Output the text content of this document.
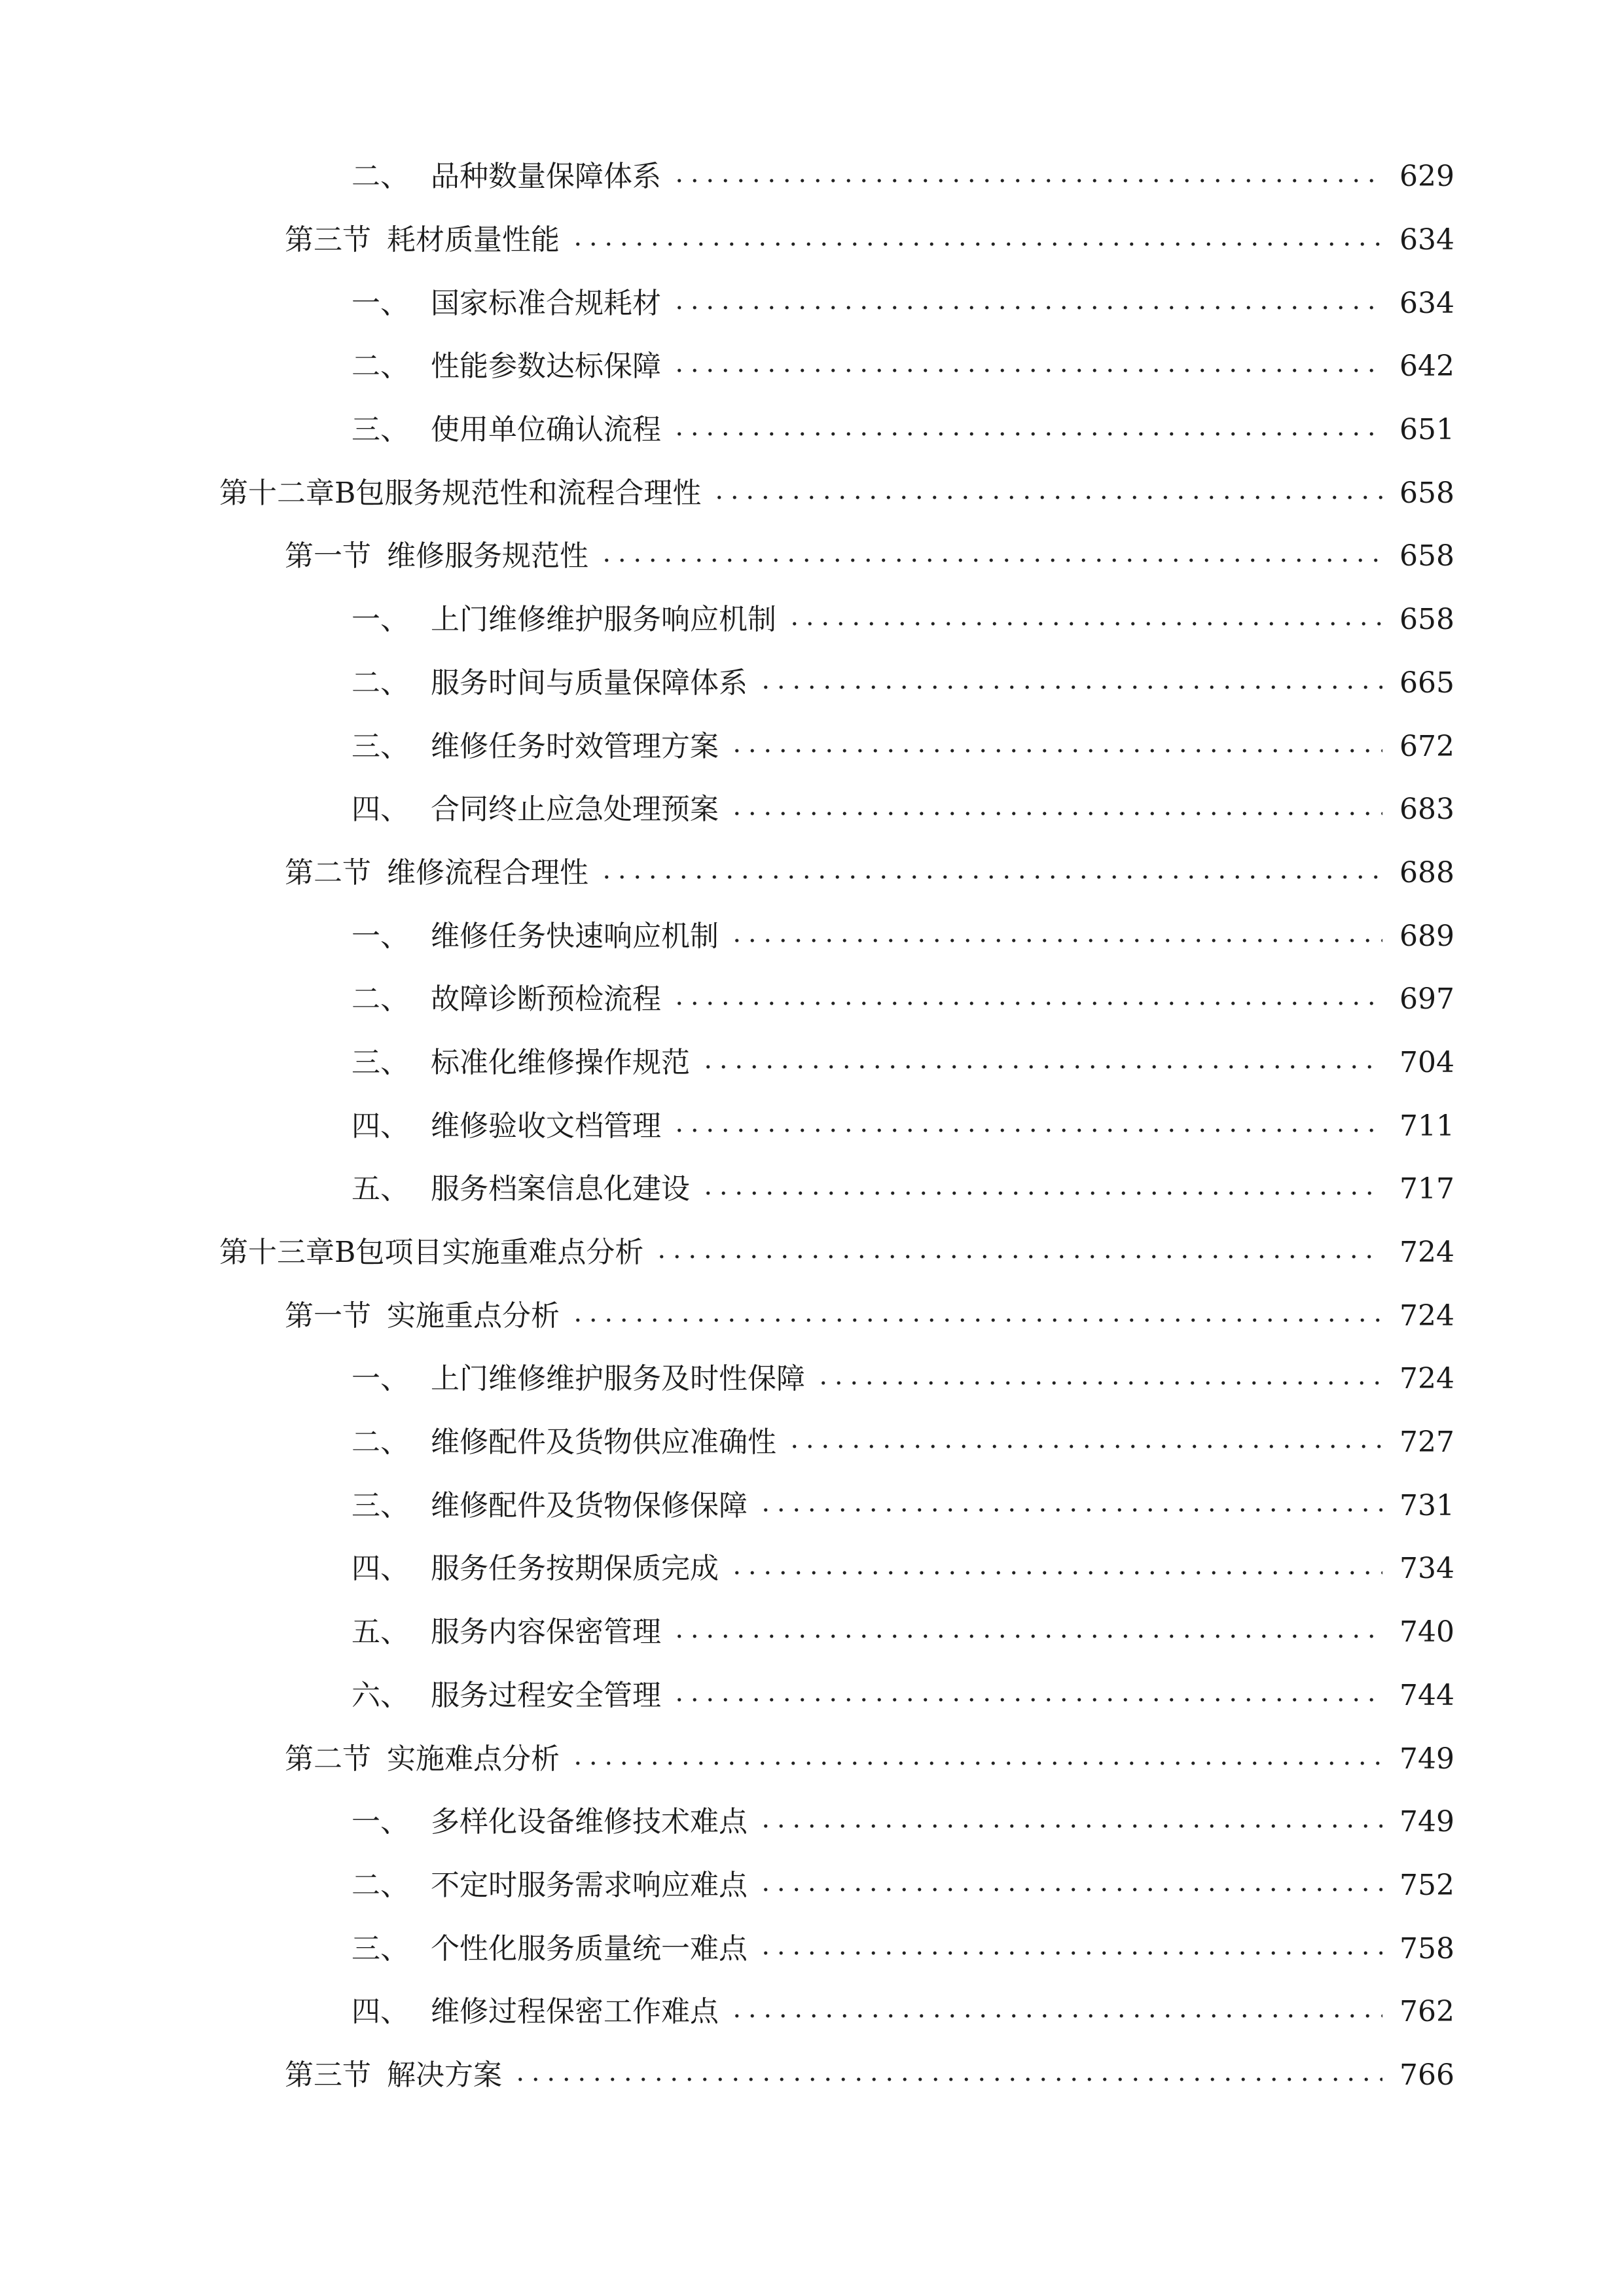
二、 品种数量保障体系	629
第三节 耗材质量性能	634
一、 国家标准合规耗材	634
二、 性能参数达标保障	642
三、 使用单位确认流程	651
第十二章 B包服务规范性和流程合理性	658
第一节 维修服务规范性	658
一、 上门维修维护服务响应机制	658
二、 服务时间与质量保障体系	665
三、 维修任务时效管理方案	672
四、 合同终止应急处理预案	683
第二节 维修流程合理性	688
一、 维修任务快速响应机制	689
二、 故障诊断预检流程	697
三、 标准化维修操作规范	704
四、 维修验收文档管理	711
五、 服务档案信息化建设	717
第十三章 B包项目实施重难点分析	724
第一节 实施重点分析	724
一、 上门维修维护服务及时性保障	724
二、 维修配件及货物供应准确性	727
三、 维修配件及货物保修保障	731
四、 服务任务按期保质完成	734
五、 服务内容保密管理	740
六、 服务过程安全管理	744
第二节 实施难点分析	749
一、 多样化设备维修技术难点	749
二、 不定时服务需求响应难点	752
三、 个性化服务质量统一难点	758
四、 维修过程保密工作难点	762
第三节 解决方案	766
